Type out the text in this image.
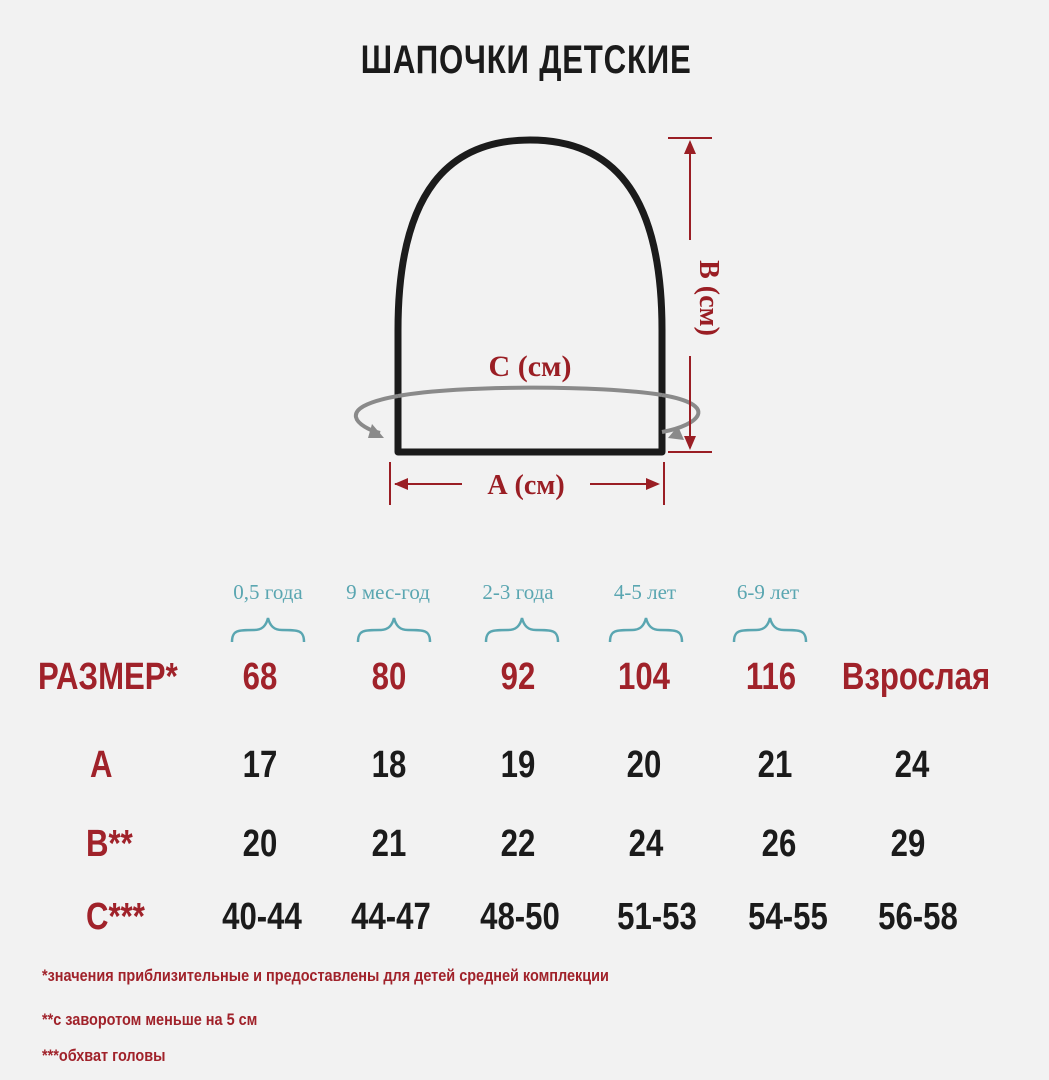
ШАПОЧКИ ДЕТСКИЕ
С (см)
А (см)
В (см)
0,5 года	9 мес-год	2-3 года	4-5 лет	6-9 лет
РАЗМЕР*	68	80	92	104	116	Взрослая
А	17	18	19	20	21	24
В**	20	21	22	24	26	29
С***	40-44	44-47	48-50	51-53	54-55	56-58
*значения приблизительные и предоставлены для детей средней комплекции
**с заворотом меньше на 5 см
***обхват головы
